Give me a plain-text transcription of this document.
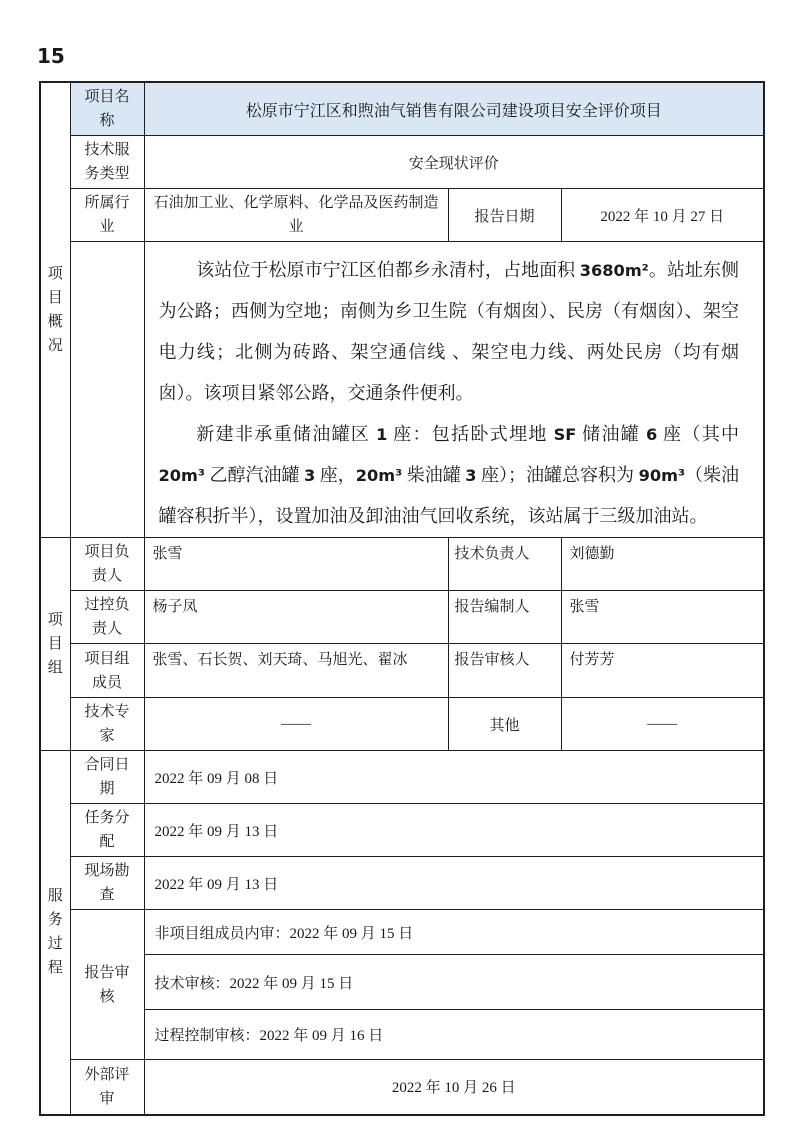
15
项目概况	项目名称	松原市宁江区和煦油气销售有限公司建设项目安全评价项目		
	技术服务类型	安全现状评价		
	所属行业	石油加工业、化学原料、化学品及医药制造业	报告日期	2022 年 10 月 27 日

		该站位于松原市宁江区伯都乡永清村，占地面积 3680m²。站址东侧为公路；西侧为空地；南侧为乡卫生院（有烟囱）、民房（有烟囱）、架空电力线；北侧为砖路、架空通信线 、架空电力线、两处民房（均有烟囱）。该项目紧邻公路，交通条件便利。

新建非承重储油罐区 1 座：包括卧式埋地 SF 储油罐 6 座（其中 20m³ 乙醇汽油罐 3 座，20m³ 柴油罐 3 座）；油罐总容积为 90m³（柴油罐容积折半），设置加油及卸油油气回收系统，该站属于三级加油站。		

项目组	项目负责人	张雪	技术负责人	刘德勤
	过控负责人	杨子凤	报告编制人	张雪
	项目组成员	张雪、石长贺、刘天琦、马旭光、翟冰	报告审核人	付芳芳
	技术专家	——	其他	——

服务过程	合同日期	2022 年 09 月 08 日		
	任务分配	2022 年 09 月 13 日		
	现场勘查	2022 年 09 月 13 日		
	报告审核	非项目组成员内审：2022 年 09 月 15 日		
		技术审核：2022 年 09 月 15 日		
		过程控制审核：2022 年 09 月 16 日		
	外部评审	2022 年 10 月 26 日		
